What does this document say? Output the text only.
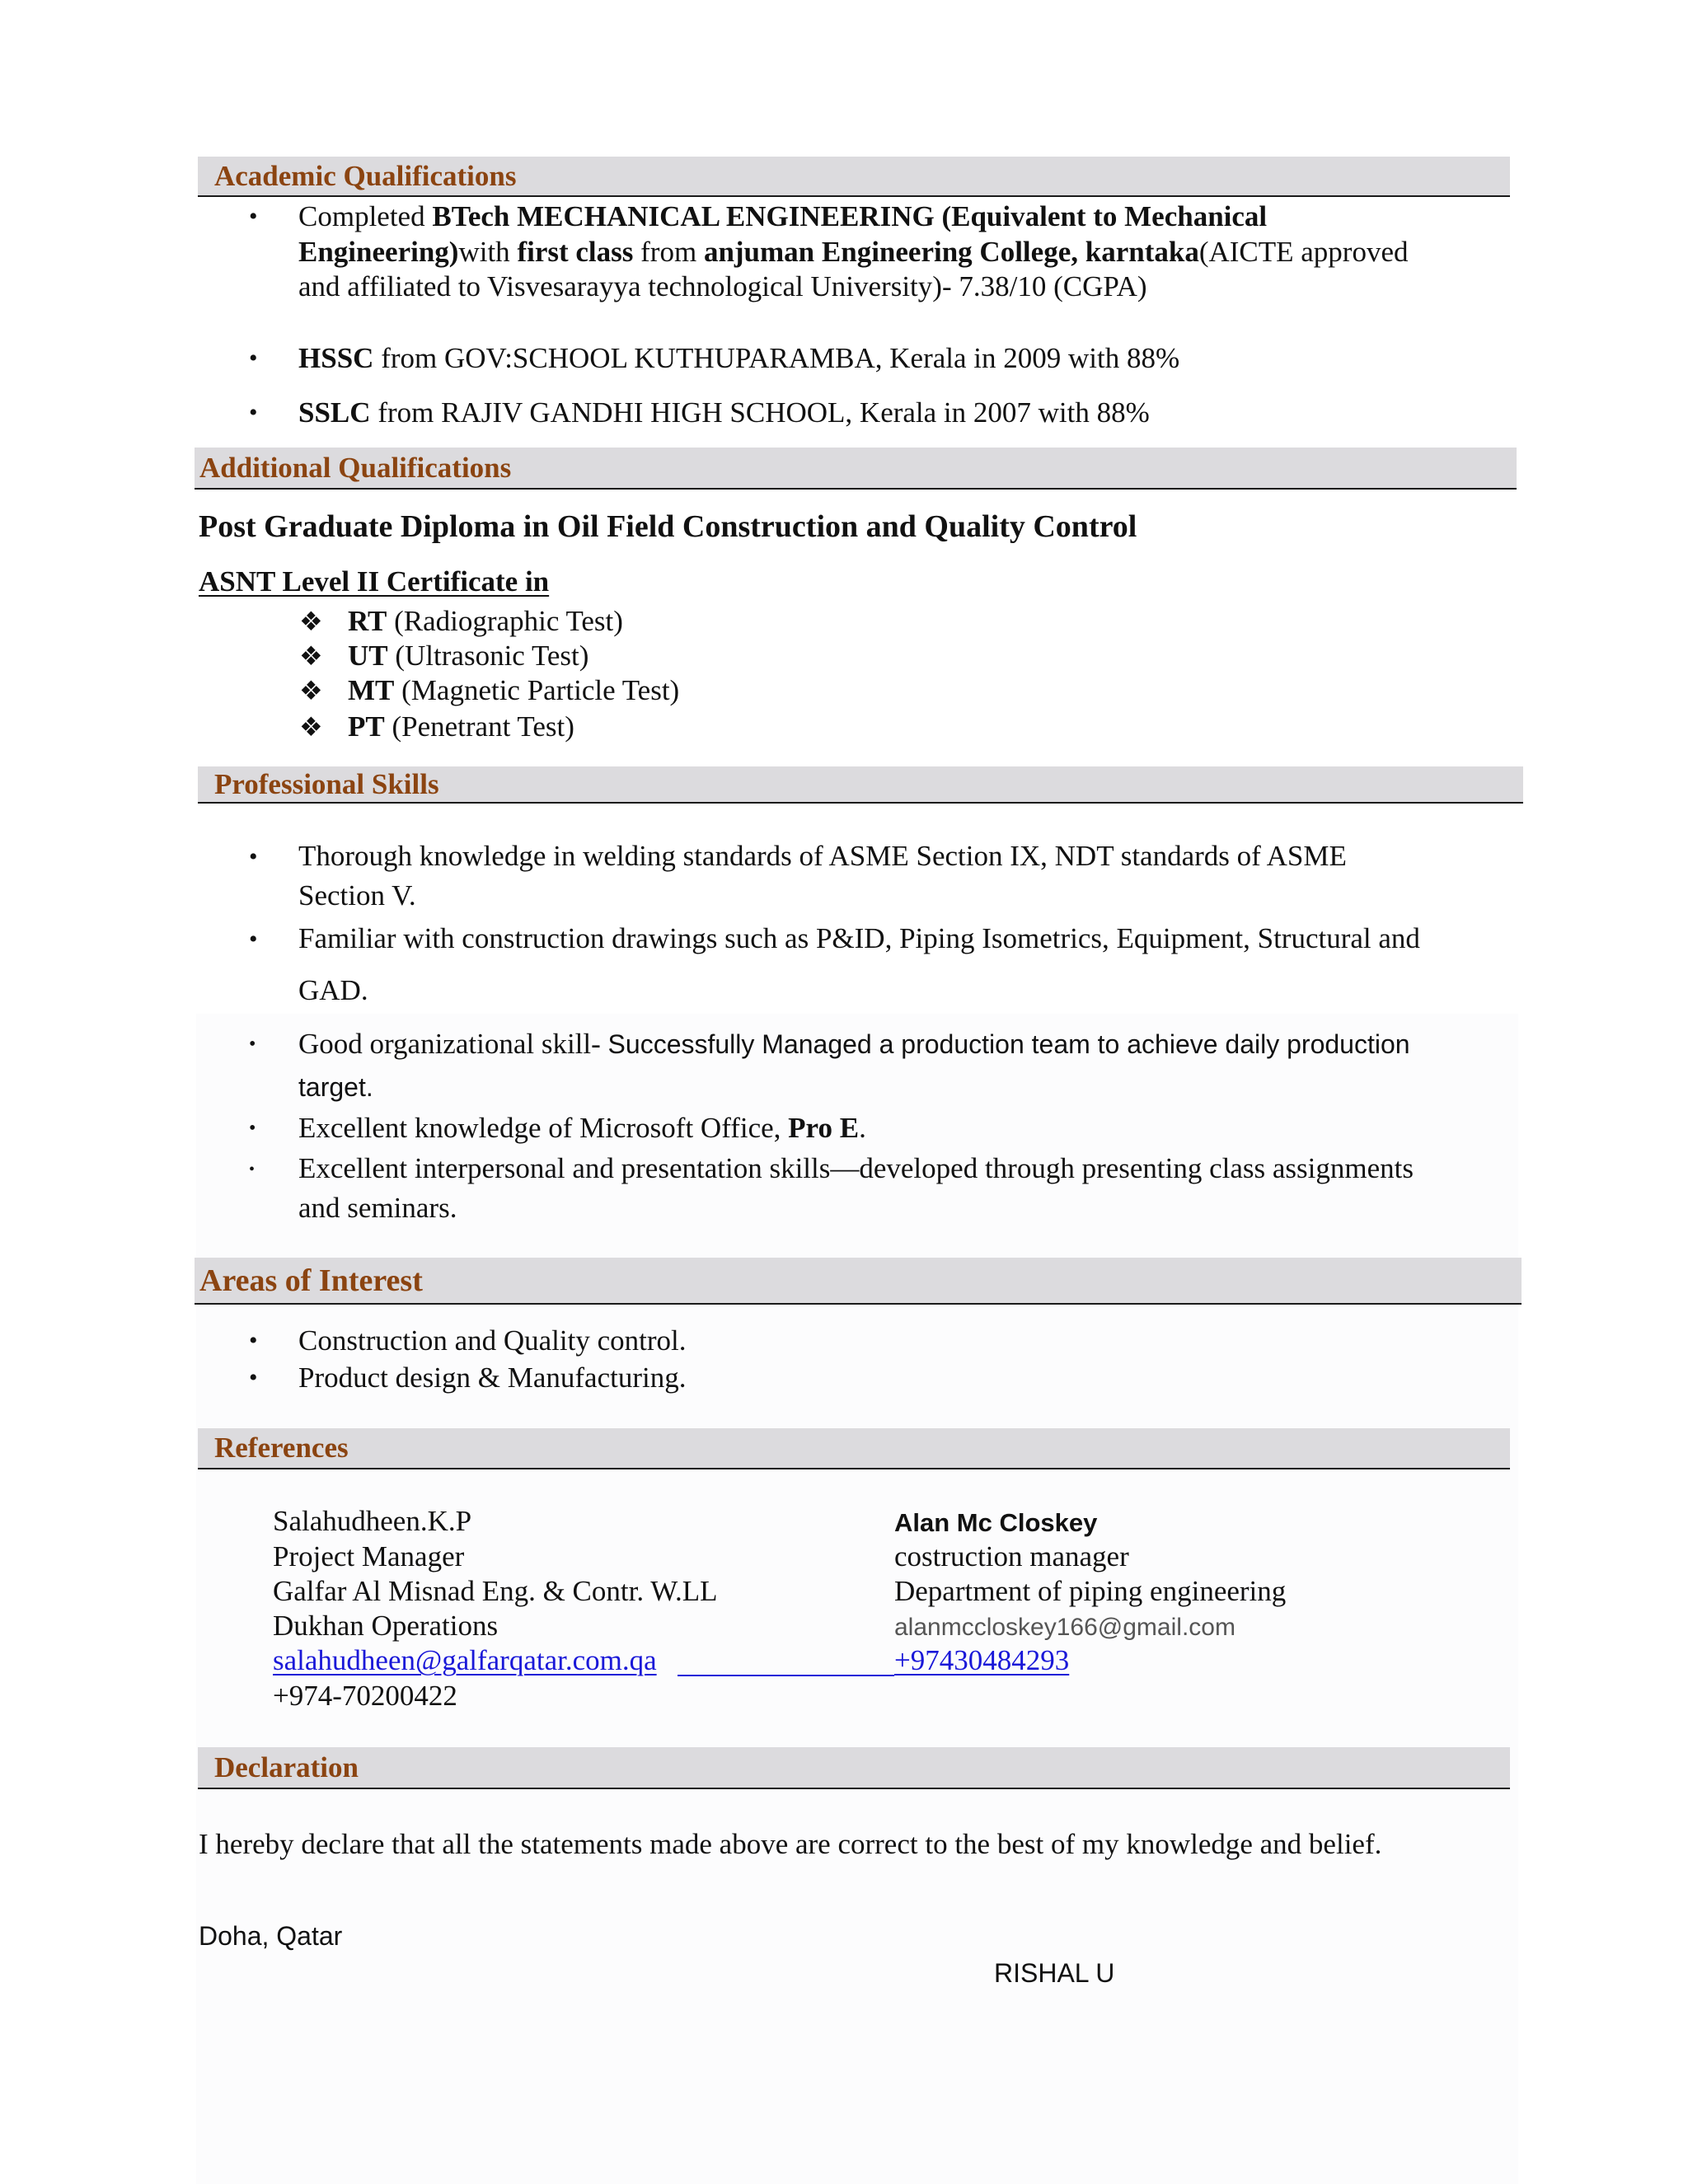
Academic Qualifications
• Completed BTech MECHANICAL ENGINEERING (Equivalent to Mechanical
Engineering)with first class from anjuman Engineering College, karntaka(AICTE approved
and affiliated to Visvesarayya technological University)- 7.38/10 (CGPA)
• HSSC from GOV:SCHOOL KUTHUPARAMBA, Kerala in 2009 with 88%
• SSLC from RAJIV GANDHI HIGH SCHOOL, Kerala in 2007 with 88%
Additional Qualifications
Post Graduate Diploma in Oil Field Construction and Quality Control
ASNT Level II Certificate in
❖ RT (Radiographic Test)
❖ UT (Ultrasonic Test)
❖ MT (Magnetic Particle Test)
❖ PT (Penetrant Test)
Professional Skills
• Thorough knowledge in welding standards of ASME Section IX, NDT standards of ASME
Section V.
• Familiar with construction drawings such as P&ID, Piping Isometrics, Equipment, Structural and
GAD.
• Good organizational skill- Successfully Managed a production team to achieve daily production
target.
• Excellent knowledge of Microsoft Office, Pro E.
• Excellent interpersonal and presentation skills—developed through presenting class assignments
and seminars.
Areas of Interest
• Construction and Quality control.
• Product design & Manufacturing.
References
Salahudheen.K.P
Project Manager
Galfar Al Misnad Eng. & Contr. W.LL
Dukhan Operations
salahudheen@galfarqatar.com.qa
+974-70200422
Alan Mc Closkey
costruction manager
Department of piping engineering
alanmccloskey166@gmail.com
+97430484293
Declaration
I hereby declare that all the statements made above are correct to the best of my knowledge and belief.
Doha, Qatar
RISHAL U
